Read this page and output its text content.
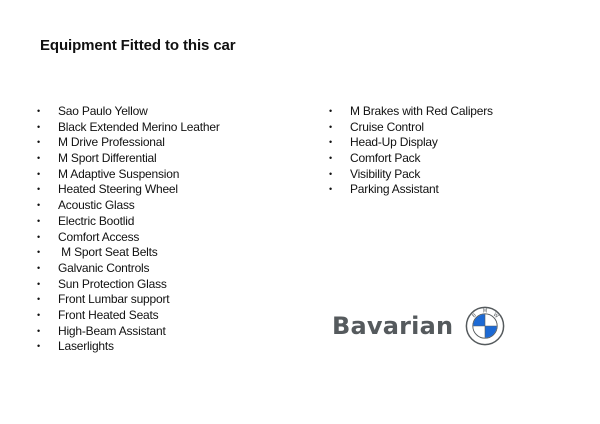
Equipment Fitted to this car
• Sao Paulo Yellow
• Black Extended Merino Leather
• M Drive Professional
• M Sport Differential
• M Adaptive Suspension
• Heated Steering Wheel
• Acoustic Glass
• Electric Bootlid
• Comfort Access
• M Sport Seat Belts
• Galvanic Controls
• Sun Protection Glass
• Front Lumbar support
• Front Heated Seats
• High-Beam Assistant
• Laserlights
• M Brakes with Red Calipers
• Cruise Control
• Head-Up Display
• Comfort Pack
• Visibility Pack
• Parking Assistant
Bavarian	B
M
W
